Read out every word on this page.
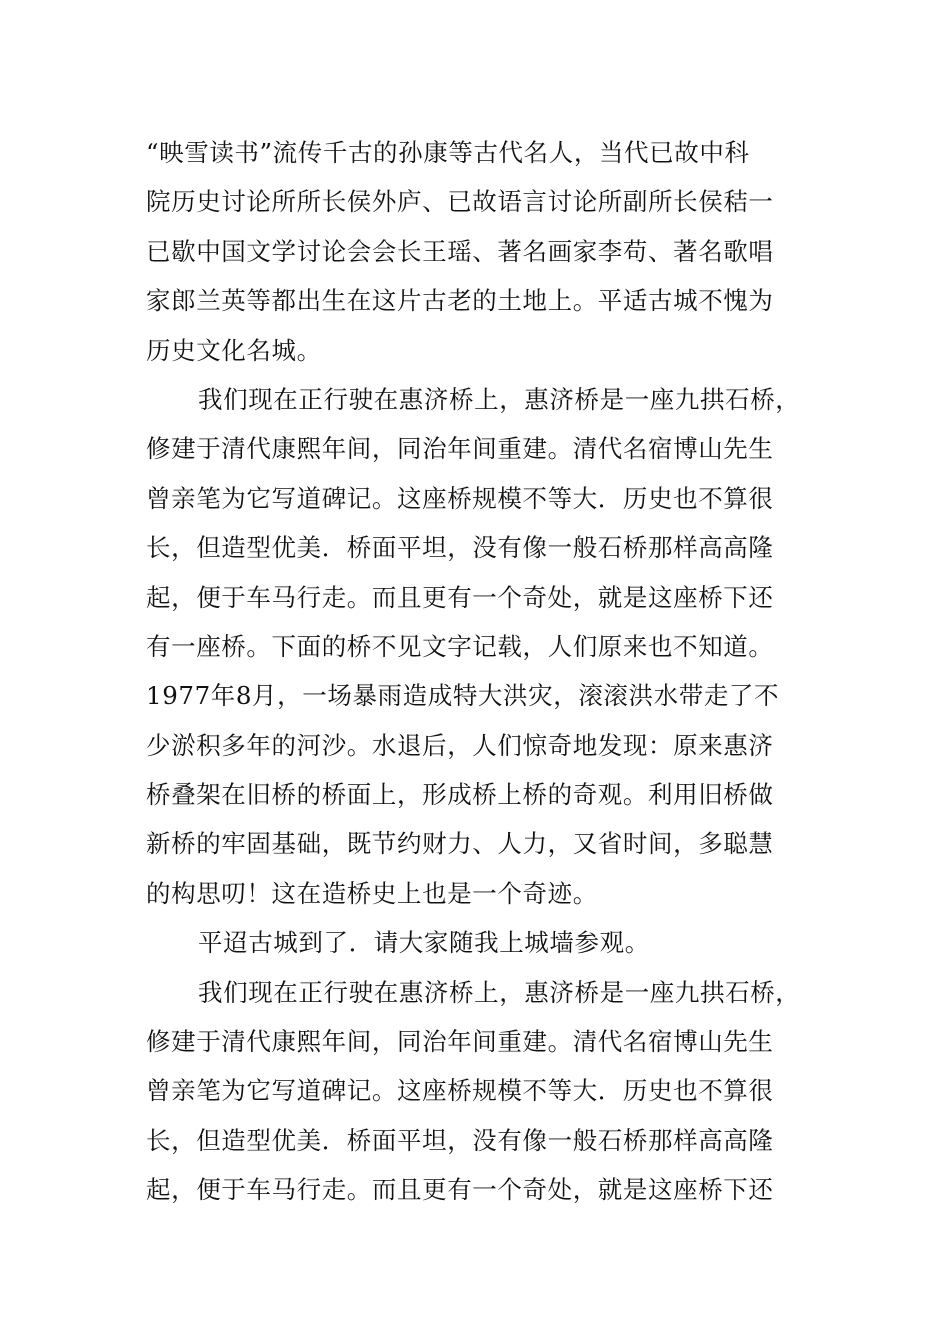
“映雪读书”流传千古的孙康等古代名人，当代已故中科
院历史讨论所所长侯外庐、已故语言讨论所副所长侯秸一
已歇中国文学讨论会会长王瑶、著名画家李苟、著名歌唱
家郎兰英等都出生在这片古老的土地上。平适古城不愧为
历史文化名城。
我们现在正行驶在惠济桥上，惠济桥是一座九拱石桥，
修建于清代康熙年间，同治年间重建。清代名宿博山先生
曾亲笔为它写道碑记。这座桥规模不等大．历史也不算很
长，但造型优美．桥面平坦，没有像一般石桥那样高高隆
起，便于车马行走。而且更有一个奇处，就是这座桥下还
有一座桥。下面的桥不见文字记载，人们原来也不知道。
1977年8月，一场暴雨造成特大洪灾，滚滚洪水带走了不
少淤积多年的河沙。水退后，人们惊奇地发现：原来惠济
桥叠架在旧桥的桥面上，形成桥上桥的奇观。利用旧桥做
新桥的牢固基础，既节约财力、人力，又省时间，多聪慧
的构思叨！这在造桥史上也是一个奇迹。
平迢古城到了．请大家随我上城墙参观。
我们现在正行驶在惠济桥上，惠济桥是一座九拱石桥，
修建于清代康熙年间，同治年间重建。清代名宿博山先生
曾亲笔为它写道碑记。这座桥规模不等大．历史也不算很
长，但造型优美．桥面平坦，没有像一般石桥那样高高隆
起，便于车马行走。而且更有一个奇处，就是这座桥下还
